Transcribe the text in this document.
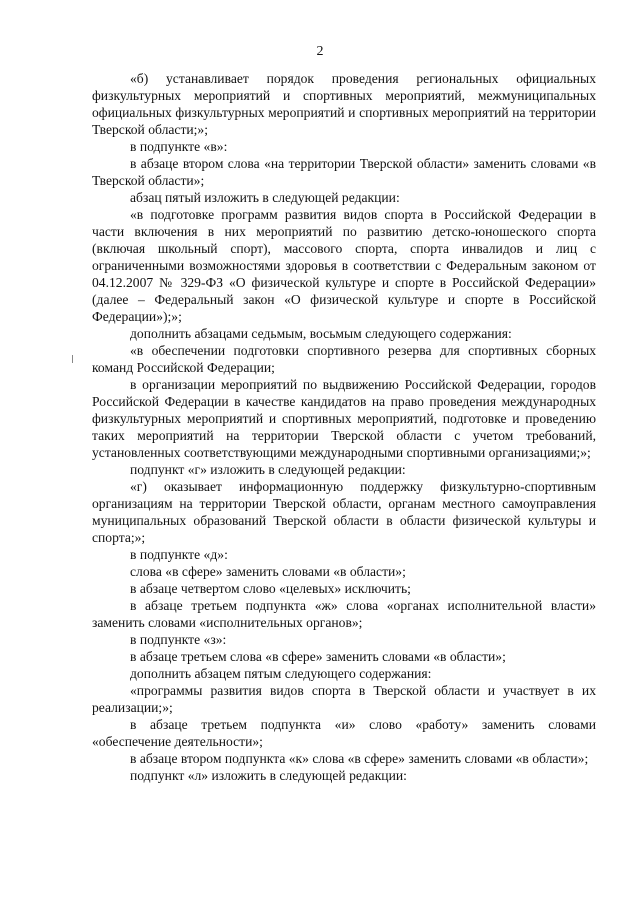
2

«б) устанавливает порядок проведения региональных официальных физкультурных мероприятий и спортивных мероприятий, межмуниципальных официальных физкультурных мероприятий и спортивных мероприятий на территории Тверской области;»;

в подпункте «в»:

в абзаце втором слова «на территории Тверской области» заменить словами «в Тверской области»;

абзац пятый изложить в следующей редакции:

«в подготовке программ развития видов спорта в Российской Федерации в части включения в них мероприятий по развитию детско-юношеского спорта (включая школьный спорт), массового спорта, спорта инвалидов и лиц с ограниченными возможностями здоровья в соответствии с Федеральным законом от 04.12.2007 № 329-ФЗ «О физической культуре и спорте в Российской Федерации» (далее – Федеральный закон «О физической культуре и спорте в Российской Федерации»);»;

дополнить абзацами седьмым, восьмым следующего содержания:

«в обеспечении подготовки спортивного резерва для спортивных сборных команд Российской Федерации;

в организации мероприятий по выдвижению Российской Федерации, городов Российской Федерации в качестве кандидатов на право проведения международных физкультурных мероприятий и спортивных мероприятий, подготовке и проведению таких мероприятий на территории Тверской области с учетом требований, установленных соответствующими международными спортивными организациями;»;

подпункт «г» изложить в следующей редакции:

«г) оказывает информационную поддержку физкультурно-спортивным организациям на территории Тверской области, органам местного самоуправления муниципальных образований Тверской области в области физической культуры и спорта;»;

в подпункте «д»:

слова «в сфере» заменить словами «в области»;

в абзаце четвертом слово «целевых» исключить;

в абзаце третьем подпункта «ж» слова «органах исполнительной власти» заменить словами «исполнительных органов»;

в подпункте «з»:

в абзаце третьем слова «в сфере» заменить словами «в области»;

дополнить абзацем пятым следующего содержания:

«программы развития видов спорта в Тверской области и участвует в их реализации;»;

в абзаце третьем подпункта «и» слово «работу» заменить словами «обеспечение деятельности»;

в абзаце втором подпункта «к» слова «в сфере» заменить словами «в области»;

подпункт «л» изложить в следующей редакции:
